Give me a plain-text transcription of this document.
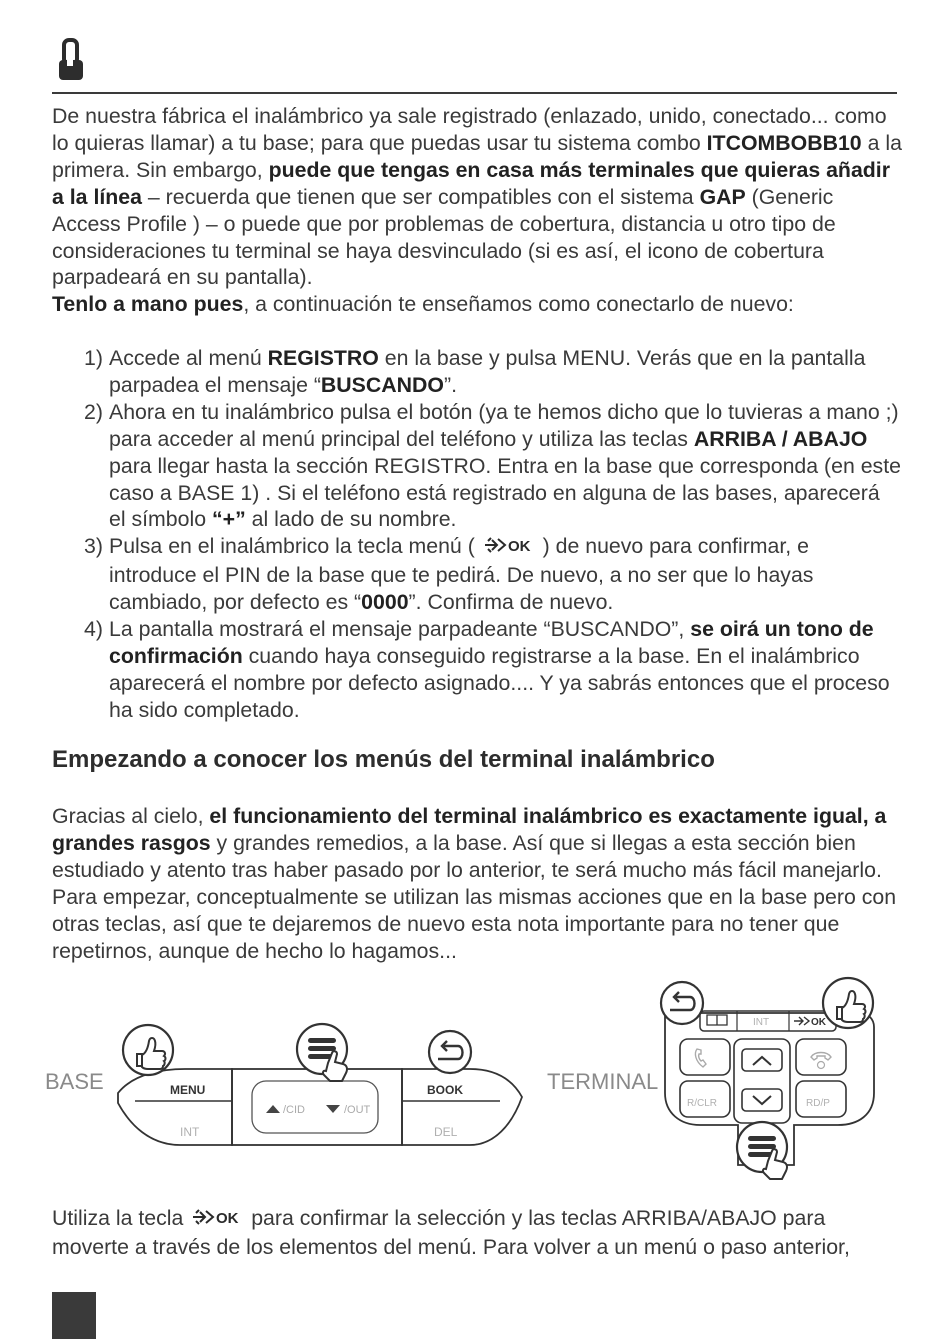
De nuestra fábrica el inalámbrico ya sale registrado (enlazado, unido, conectado... como lo quieras llamar) a tu base; para que puedas usar tu sistema combo ITCOMBOBB10 a la primera. Sin embargo, puede que tengas en casa más terminales que quieras añadir a la línea – recuerda que tienen que ser compatibles con el sistema GAP (Generic Access Profile ) – o puede que por problemas de cobertura, distancia u otro tipo de consideraciones tu terminal se haya desvinculado (si es así, el icono de cobertura parpadeará en su pantalla).

Tenlo a mano pues, a continuación te enseñamos como conectarlo de nuevo:

1) Accede al menú REGISTRO en la base y pulsa MENU. Verás que en la pantalla parpadea el mensaje “BUSCANDO”.
2) Ahora en tu inalámbrico pulsa el botón (ya te hemos dicho que lo tuvieras a mano ;) para acceder al menú principal del teléfono y utiliza las teclas ARRIBA / ABAJO para llegar hasta la sección REGISTRO. Entra en la base que corresponda (en este caso a BASE 1) . Si el teléfono está registrado en alguna de las bases, aparecerá el símbolo “+” al lado de su nombre.
3) Pulsa en el inalámbrico la tecla menú ( OK ) de nuevo para confirmar, e introduce el PIN de la base que te pedirá. De nuevo, a no ser que lo hayas cambiado, por defecto es “0000”. Confirma de nuevo.
4) La pantalla mostrará el mensaje parpadeante “BUSCANDO”, se oirá un tono de confirmación cuando haya conseguido registrarse a la base. En el inalámbrico aparecerá el nombre por defecto asignado.... Y ya sabrás entonces que el proceso ha sido completado.
Empezando a conocer los menús del terminal inalámbrico

Gracias al cielo, el funcionamiento del terminal inalámbrico es exactamente igual, a grandes rasgos y grandes remedios, a la base. Así que si llegas a esta sección bien estudiado y atento tras haber pasado por lo anterior, te será mucho más fácil manejarlo. Para empezar, conceptualmente se utilizan las mismas acciones que en la base pero con otras teclas, así que te dejaremos de nuevo esta nota importante para no tener que repetirnos, aunque de hecho lo hagamos...

BASE	MENU
INT
/CID	/OUT
BOOK
DEL
TERMINAL
INT	OK
R/CLR	RD/P

Utiliza la tecla OK para confirmar la selección y las teclas ARRIBA/ABAJO para moverte a través de los elementos del menú. Para volver a un menú o paso anterior,
